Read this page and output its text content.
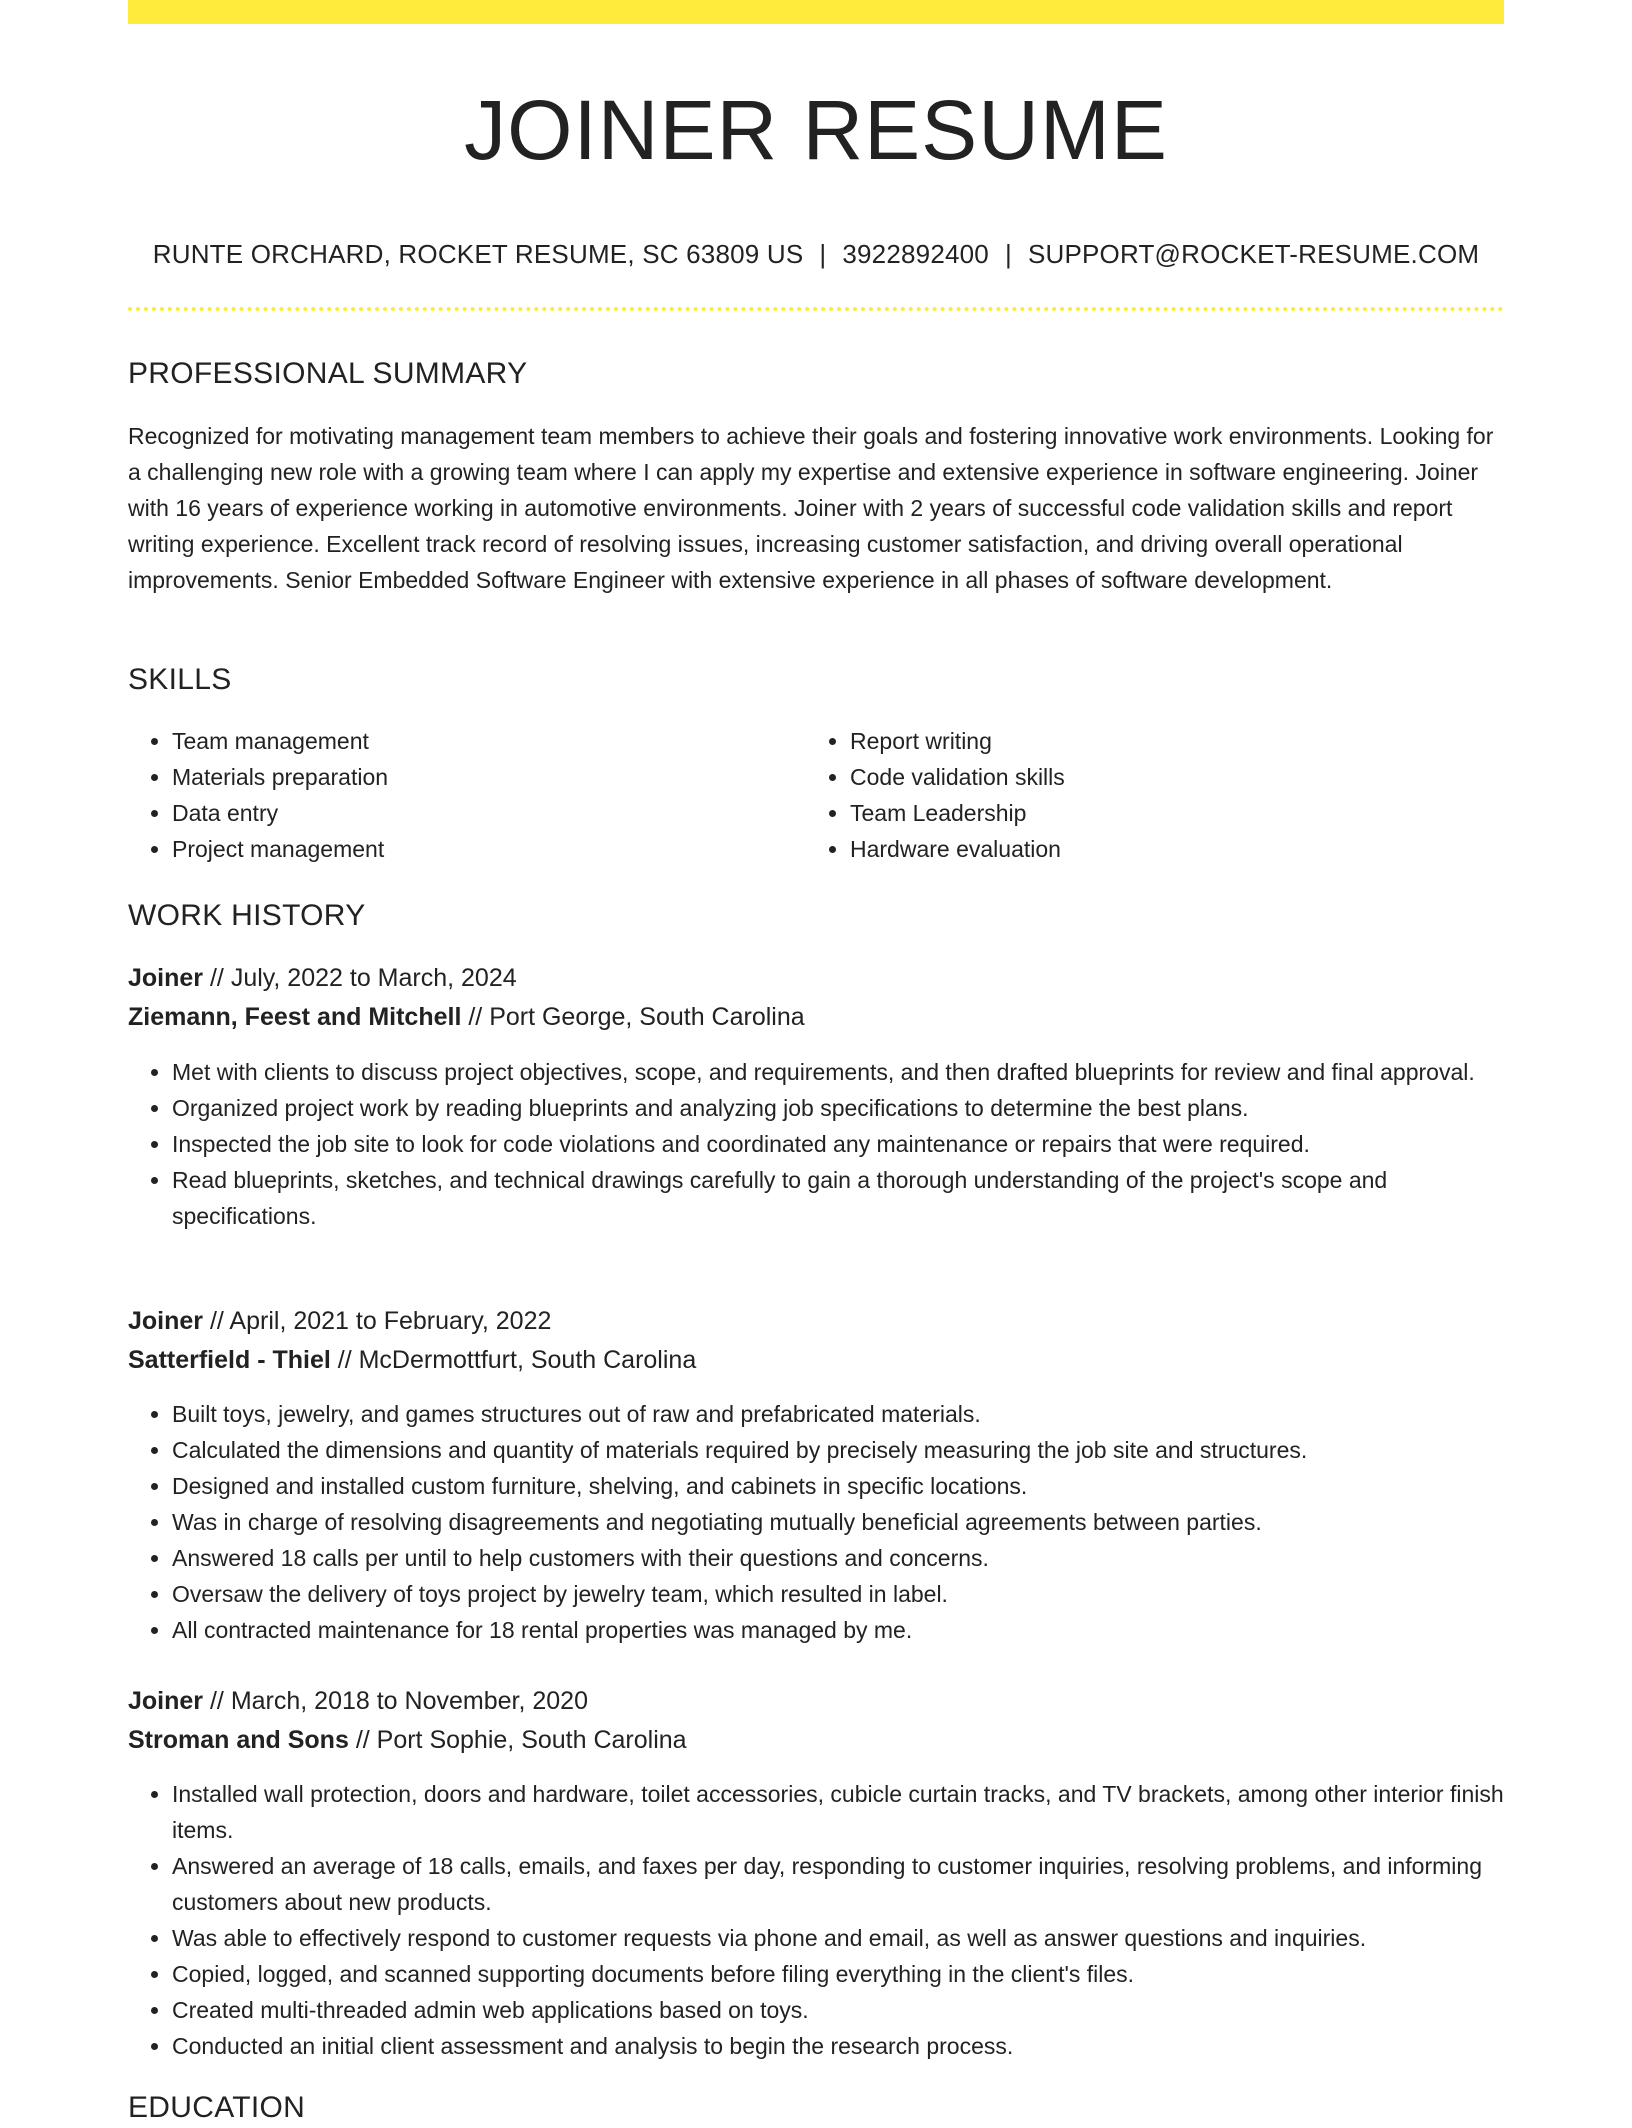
JOINER RESUME
RUNTE ORCHARD, ROCKET RESUME, SC 63809 US | 3922892400 | SUPPORT@ROCKET-RESUME.COM
PROFESSIONAL SUMMARY

Recognized for motivating management team members to achieve their goals and fostering innovative work environments. Looking for a challenging new role with a growing team where I can apply my expertise and extensive experience in software engineering. Joiner with 16 years of experience working in automotive environments. Joiner with 2 years of successful code validation skills and report writing experience. Excellent track record of resolving issues, increasing customer satisfaction, and driving overall operational improvements. Senior Embedded Software Engineer with extensive experience in all phases of software development.

SKILLS
• Team management
• Materials preparation
• Data entry
• Project management
• Report writing
• Code validation skills
• Team Leadership
• Hardware evaluation
WORK HISTORY
Joiner // July, 2022 to March, 2024
Ziemann, Feest and Mitchell // Port George, South Carolina
• Met with clients to discuss project objectives, scope, and requirements, and then drafted blueprints for review and final approval.
• Organized project work by reading blueprints and analyzing job specifications to determine the best plans.
• Inspected the job site to look for code violations and coordinated any maintenance or repairs that were required.
• Read blueprints, sketches, and technical drawings carefully to gain a thorough understanding of the project's scope and specifications.
Joiner // April, 2021 to February, 2022
Satterfield - Thiel // McDermottfurt, South Carolina
• Built toys, jewelry, and games structures out of raw and prefabricated materials.
• Calculated the dimensions and quantity of materials required by precisely measuring the job site and structures.
• Designed and installed custom furniture, shelving, and cabinets in specific locations.
• Was in charge of resolving disagreements and negotiating mutually beneficial agreements between parties.
• Answered 18 calls per until to help customers with their questions and concerns.
• Oversaw the delivery of toys project by jewelry team, which resulted in label.
• All contracted maintenance for 18 rental properties was managed by me.
Joiner // March, 2018 to November, 2020
Stroman and Sons // Port Sophie, South Carolina
• Installed wall protection, doors and hardware, toilet accessories, cubicle curtain tracks, and TV brackets, among other interior finish items.
• Answered an average of 18 calls, emails, and faxes per day, responding to customer inquiries, resolving problems, and informing customers about new products.
• Was able to effectively respond to customer requests via phone and email, as well as answer questions and inquiries.
• Copied, logged, and scanned supporting documents before filing everything in the client's files.
• Created multi-threaded admin web applications based on toys.
• Conducted an initial client assessment and analysis to begin the research process.
EDUCATION
